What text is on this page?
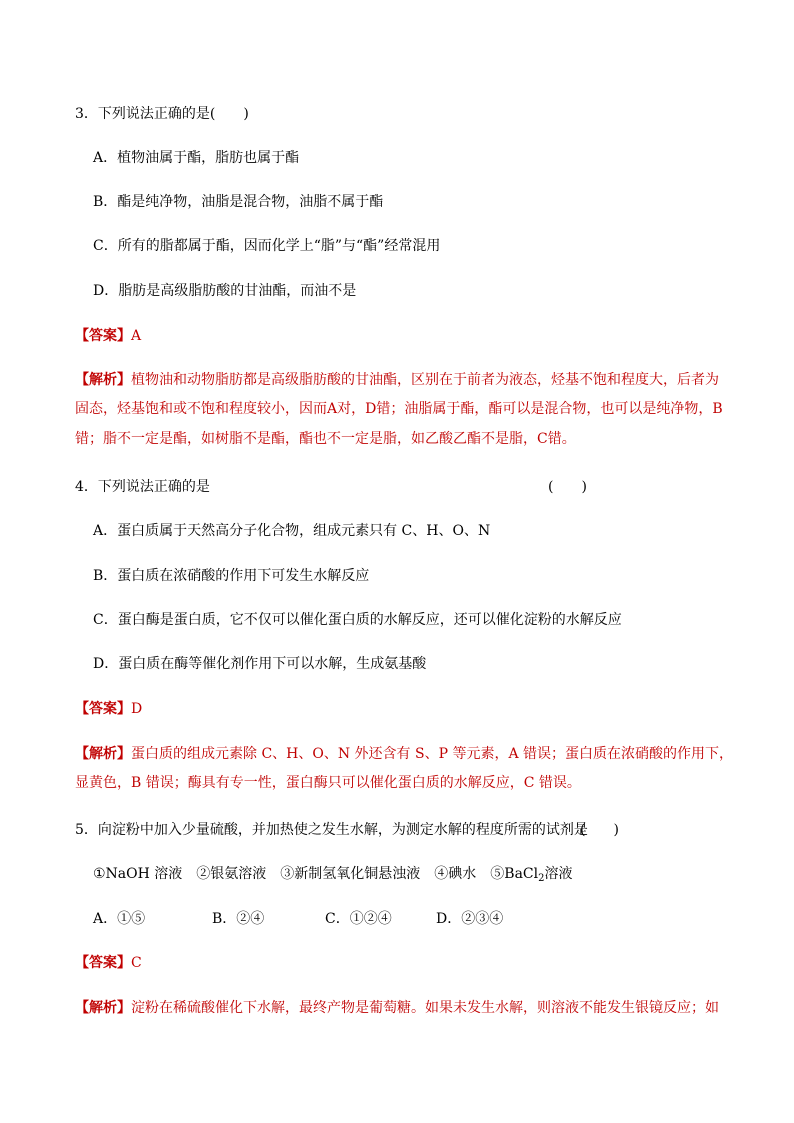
3．下列说法正确的是(　　)
A．植物油属于酯，脂肪也属于酯
B．酯是纯净物，油脂是混合物，油脂不属于酯
C．所有的脂都属于酯，因而化学上“脂”与“酯”经常混用
D．脂肪是高级脂肪酸的甘油酯，而油不是
【答案】A
【解析】植物油和动物脂肪都是高级脂肪酸的甘油酯，区别在于前者为液态，烃基不饱和程度大，后者为
固态，烃基饱和或不饱和程度较小，因而A对，D错；油脂属于酯，酯可以是混合物，也可以是纯净物，B
错；脂不一定是酯，如树脂不是酯，酯也不一定是脂，如乙酸乙酯不是脂，C错。
4．下列说法正确的是	(　　)
A．蛋白质属于天然高分子化合物，组成元素只有 C、H、O、N
B．蛋白质在浓硝酸的作用下可发生水解反应
C．蛋白酶是蛋白质，它不仅可以催化蛋白质的水解反应，还可以催化淀粉的水解反应
D．蛋白质在酶等催化剂作用下可以水解，生成氨基酸
【答案】D
【解析】蛋白质的组成元素除 C、H、O、N 外还含有 S、P 等元素，A 错误；蛋白质在浓硝酸的作用下，
显黄色，B 错误；酶具有专一性，蛋白酶只可以催化蛋白质的水解反应，C 错误。
5．向淀粉中加入少量硫酸，并加热使之发生水解，为测定水解的程度所需的试剂是
(　　)
①NaOH 溶液　②银氨溶液　③新制氢氧化铜悬浊液　④碘水　⑤BaCl$_2$溶液
A．①⑤	B．②④	C．①②④	D．②③④
【答案】C
【解析】淀粉在稀硫酸催化下水解，最终产物是葡萄糖。如果未发生水解，则溶液不能发生银镜反应；如
